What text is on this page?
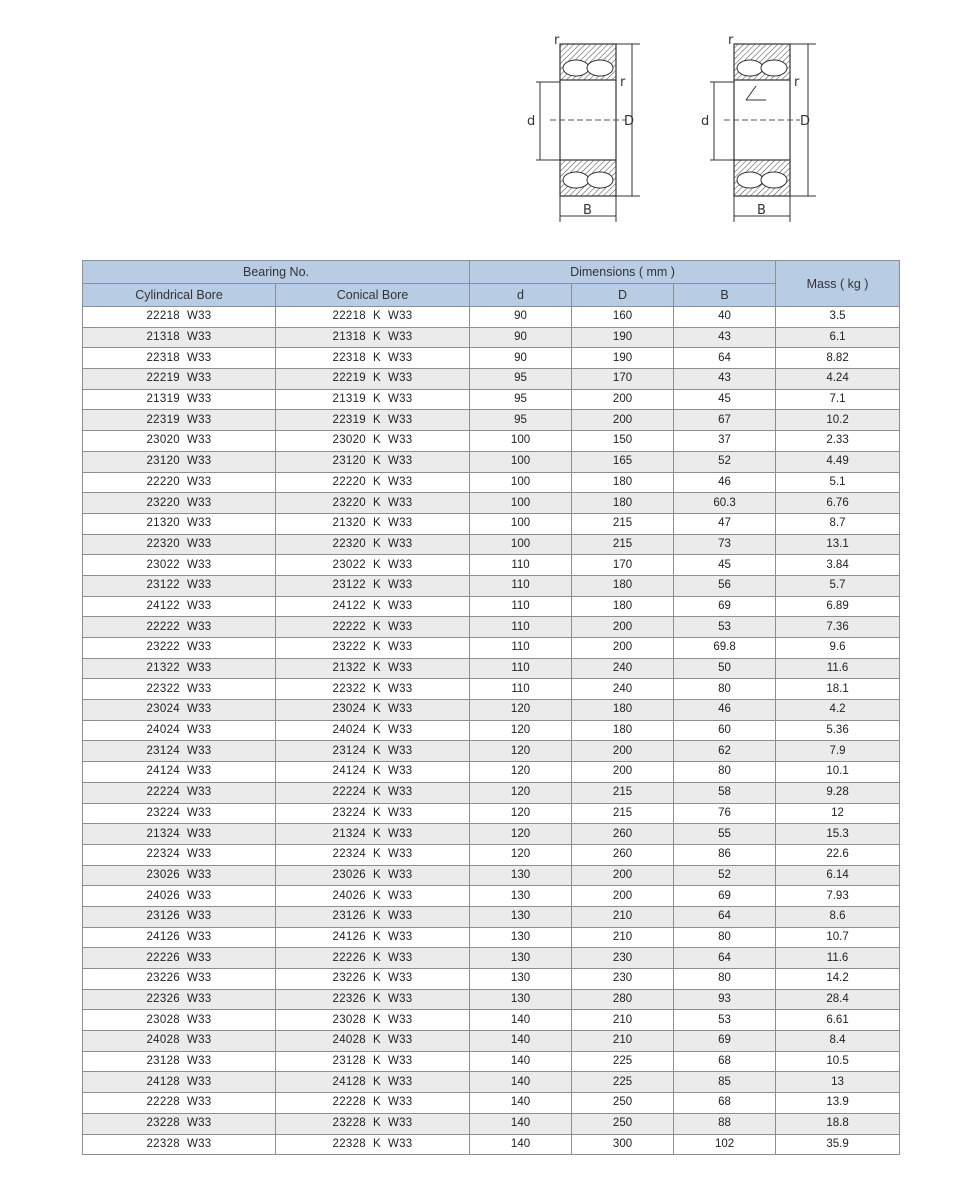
r
r
d	D
B
r
r
d	D
B
Bearing No.		Dimensions ( mm )			Mass ( kg )
Cylindrical Bore	Conical Bore	d	D	B	
22218  W33	22218  K  W33	90	160	40	3.5
21318  W33	21318  K  W33	90	190	43	6.1
22318  W33	22318  K  W33	90	190	64	8.82
22219  W33	22219  K  W33	95	170	43	4.24
21319  W33	21319  K  W33	95	200	45	7.1
22319  W33	22319  K  W33	95	200	67	10.2
23020  W33	23020  K  W33	100	150	37	2.33
23120  W33	23120  K  W33	100	165	52	4.49
22220  W33	22220  K  W33	100	180	46	5.1
23220  W33	23220  K  W33	100	180	60.3	6.76
21320  W33	21320  K  W33	100	215	47	8.7
22320  W33	22320  K  W33	100	215	73	13.1
23022  W33	23022  K  W33	110	170	45	3.84
23122  W33	23122  K  W33	110	180	56	5.7
24122  W33	24122  K  W33	110	180	69	6.89
22222  W33	22222  K  W33	110	200	53	7.36
23222  W33	23222  K  W33	110	200	69.8	9.6
21322  W33	21322  K  W33	110	240	50	11.6
22322  W33	22322  K  W33	110	240	80	18.1
23024  W33	23024  K  W33	120	180	46	4.2
24024  W33	24024  K  W33	120	180	60	5.36
23124  W33	23124  K  W33	120	200	62	7.9
24124  W33	24124  K  W33	120	200	80	10.1
22224  W33	22224  K  W33	120	215	58	9.28
23224  W33	23224  K  W33	120	215	76	12
21324  W33	21324  K  W33	120	260	55	15.3
22324  W33	22324  K  W33	120	260	86	22.6
23026  W33	23026  K  W33	130	200	52	6.14
24026  W33	24026  K  W33	130	200	69	7.93
23126  W33	23126  K  W33	130	210	64	8.6
24126  W33	24126  K  W33	130	210	80	10.7
22226  W33	22226  K  W33	130	230	64	11.6
23226  W33	23226  K  W33	130	230	80	14.2
22326  W33	22326  K  W33	130	280	93	28.4
23028  W33	23028  K  W33	140	210	53	6.61
24028  W33	24028  K  W33	140	210	69	8.4
23128  W33	23128  K  W33	140	225	68	10.5
24128  W33	24128  K  W33	140	225	85	13
22228  W33	22228  K  W33	140	250	68	13.9
23228  W33	23228  K  W33	140	250	88	18.8
22328  W33	22328  K  W33	140	300	102	35.9
